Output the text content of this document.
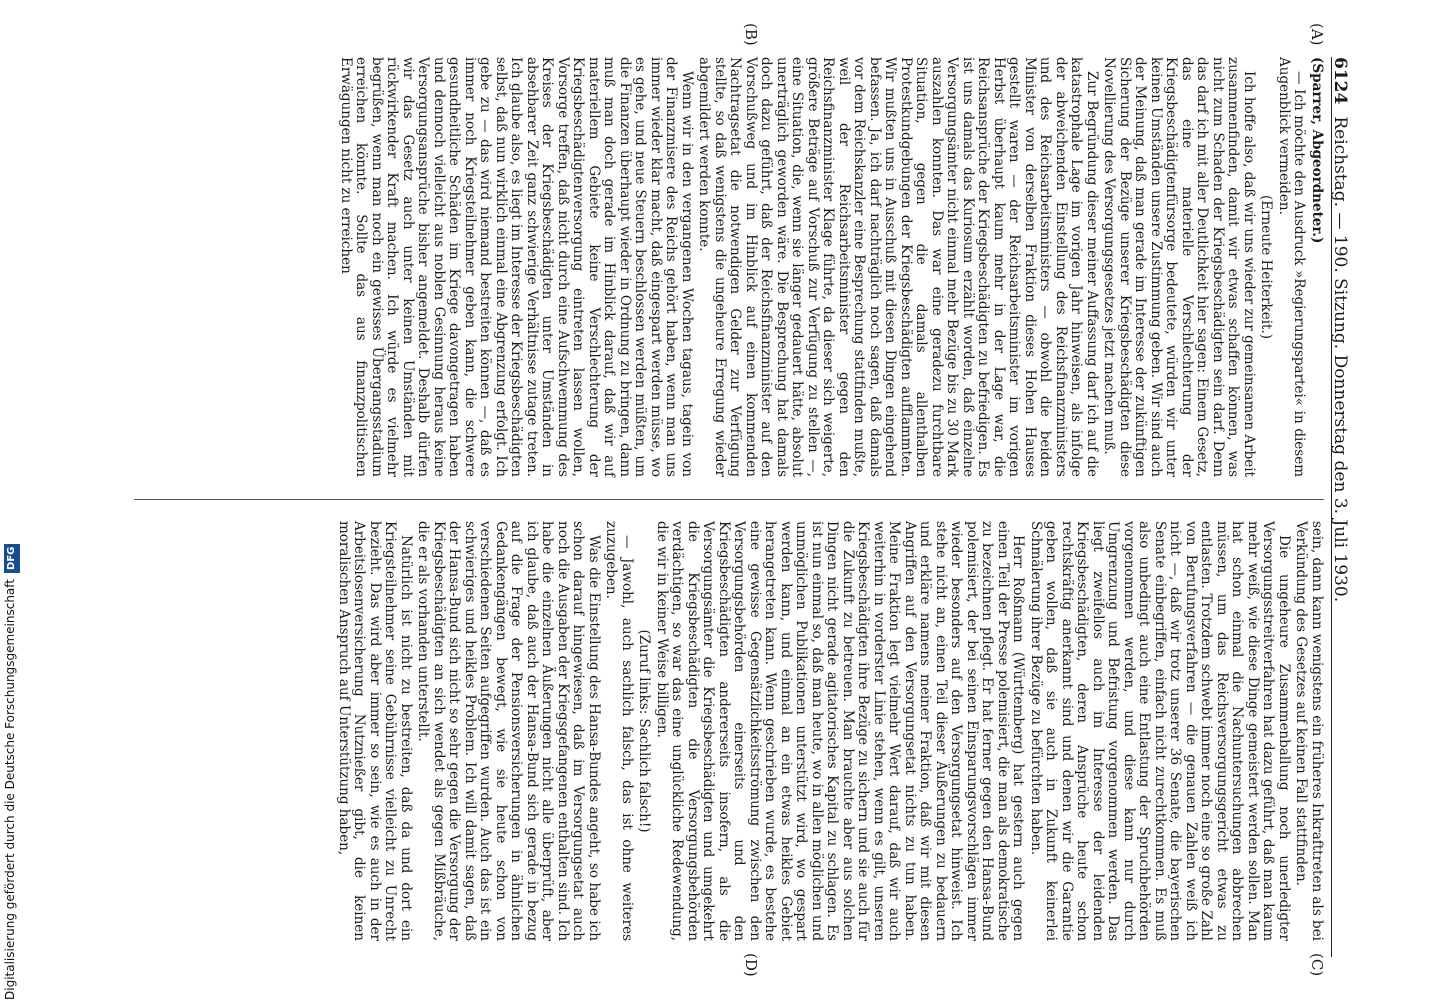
6124
Reichstag. — 190. Sitzung. Donnerstag den 3. Juli 1930.

(Sparrer, Abgeordneter.)

— Ich möchte den Ausdruck »Regierungspartei« in diesem Augenblick vermeiden.

(Erneute Heiterkeit.)

Ich hoffe also, daß wir uns wieder zur gemeinsamen Arbeit zusammenfinden, damit wir etwas schaffen können, was nicht zum Schaden der Kriegsbeschädigten sein darf. Denn das darf ich mit aller Deutlichkeit hier sagen: Einem Gesetz, das eine materielle Verschlechterung der Kriegsbeschädigtenfürsorge bedeutete, würden wir unter keinen Umständen unsere Zustimmung geben. Wir sind auch der Meinung, daß man gerade im Interesse der zukünftigen Sicherung der Bezüge unserer Kriegsbeschädigten diese Novellierung des Versorgungsgesetzes jetzt machen muß.

Zur Begründung dieser meiner Auffassung darf ich auf die katastrophale Lage im vorigen Jahr hinweisen, als infolge der abweichenden Einstellung des Reichsfinanzministers und des Reichsarbeitsministers — obwohl die beiden Minister von derselben Fraktion dieses Hohen Hauses gestellt waren — der Reichsarbeitsminister im vorigen Herbst überhaupt kaum mehr in der Lage war, die Reichsansprüche der Kriegsbeschädigten zu befriedigen. Es ist uns damals das Kuriosum erzählt worden, daß einzelne Versorgungsämter nicht einmal mehr Bezüge bis zu 30 Mark auszahlen konnten. Das war eine geradezu furchtbare Situation, gegen die damals allenthalben Protestkundgebungen der Kriegsbeschädigten aufflammten. Wir mußten uns in Ausschuß mit diesen Dingen eingehend befassen. Ja, ich darf nachträglich noch sagen, daß damals vor dem Reichskanzler eine Besprechung stattfinden mußte, weil der Reichsarbeitsminister gegen den Reichsfinanzminister Klage führte, da dieser sich weigerte, größere Beträge auf Vorschuß zur Verfügung zu stellen —, eine Situation, die, wenn sie länger gedauert hätte, absolut unerträglich geworden wäre. Die Besprechung hat damals doch dazu geführt, daß der Reichsfinanzminister auf den Vorschußweg und im Hinblick auf einen kommenden Nachtragsetat die notwendigen Gelder zur Verfügung stellte, so daß wenigstens die ungeheure Erregung wieder abgemildert werden konnte.

Wenn wir in den vergangenen Wochen tagaus, tagein von der Finanzmisere des Reichs gehört haben, wenn man uns immer wieder klar macht, daß eingespart werden müsse, wo es gehe, und neue Steuern beschlossen werden müßten, um die Finanzen überhaupt wieder in Ordnung zu bringen, dann muß man doch gerade im Hinblick darauf, daß wir auf materiellem Gebiete keine Verschlechterung der Kriegsbeschädigtenversorgung eintreten lassen wollen, Vorsorge treffen, daß nicht durch eine Aufschwemmung des Kreises der Kriegsbeschädigten unter Umständen in absehbarer Zeit ganz schwierige Verhältnisse zutage treten. Ich glaube also, es liegt im Interesse der Kriegsbeschädigten selbst, daß nun wirklich einmal eine Abgrenzung erfolgt. Ich gebe zu — das wird niemand bestreiten können —, daß es immer noch Kriegsteilnehmer geben kann, die schwere gesundheitliche Schäden im Kriege davongetragen haben und dennoch vielleicht aus noblen Gesinnung heraus keine Versorgungsansprüche bisher angemeldet. Deshalb dürfen wir das Gesetz auch unter keinen Umständen mit rückwirkender Kraft machen. Ich würde es vielmehr begrüßen, wenn man noch ein gewisses Übergangsstadium erreichen könnte. Sollte das aus finanzpolitischen Erwägungen nicht zu erreichen

sein, dann kann wenigstens ein früheres Inkrafttreten als bei Verkündung des Gesetzes auf keinen Fall stattfinden.

Die ungeheure Zusammenballung noch unerledigter Versorgungsstreitverfahren hat dazu geführt, daß man kaum mehr weiß, wie diese Dinge gemeistert werden sollen. Man hat schon einmal die Nachuntersuchungen abbrechen müssen, um das Reichsversorgungsgericht etwas zu entlasten. Trotzdem schwebt immer noch eine so große Zahl von Berufungsverfahren — die genauen Zahlen weiß ich nicht —, daß wir trotz unserer 36 Senate, die bayerischen Senate einbegriffen, einfach nicht zurechtkommen. Es muß also unbedingt auch eine Entlastung der Spruchbehörden vorgenommen werden, und diese kann nur durch Umgrenzung und Befristung vorgenommen werden. Das liegt zweifellos auch im Interesse der leidenden Kriegsbeschädigten, deren Ansprüche heute schon rechtskräftig anerkannt sind und denen wir die Garantie geben wollen, daß sie auch in Zukunft keinerlei Schmälerung ihrer Bezüge zu befürchten haben.

Herr Roßmann (Württemberg) hat gestern auch gegen einen Teil der Presse polemisiert, die man als demokratische zu bezeichnen pflegt. Er hat ferner gegen den Hansa-Bund polemisiert, der bei seinen Einsparungsvorschlägen immer wieder besonders auf den Versorgungsetat hinweist. Ich stehe nicht an, einen Teil dieser Äußerungen zu bedauern und erkläre namens meiner Fraktion, daß wir mit diesen Angriffen auf den Versorgungsetat nichts zu tun haben. Meine Fraktion legt vielmehr Wert darauf, daß wir auch weiterhin in vorderster Linie stehen, wenn es gilt, unseren Kriegsbeschädigten ihre Bezüge zu sichern und sie auch für die Zukunft zu betreuen. Man brauchte aber aus solchen Dingen nicht gerade agitatorisches Kapital zu schlagen. Es ist nun einmal so, daß man heute, wo in allen möglichen und unmöglichen Publikationen unterstützt wird, wo gespart werden kann, und einmal an ein etwas heikles Gebiet herangetreten kann. Wenn geschrieben wurde, es bestehe eine gewisse Gegensätzlichkeitsströmung zwischen den Versorgungsbehörden einerseits und den Kriegsbeschädigten andererseits insofern, als die Versorgungsämter die Kriegsbeschädigten und umgekehrt die Kriegsbeschädigten die Versorgungsbehörden verdächtigen, so war das eine unglückliche Redewendung, die wir in keiner Weise billigen.

(Zuruf links: Sachlich falsch!)

— Jawohl, auch sachlich falsch, das ist ohne weiteres zuzugeben.

Was die Einstellung des Hansa-Bundes angeht, so habe ich schon darauf hingewiesen, daß im Versorgungsetat auch noch die Ausgaben der Kriegsgefangenen enthalten sind. Ich habe die einzelnen Äußerungen nicht alle überprüft, aber ich glaube, daß auch der Hansa-Bund sich gerade in bezug auf die Frage der Pensionsversicherungen in ähnlichen Gedankengängen bewegt, wie sie heute schon von verschiedenen Seiten aufgegriffen wurden. Auch das ist ein schwieriges und heikles Problem. Ich will damit sagen, daß der Hansa-Bund sich nicht so sehr gegen die Versorgung der Kriegsbeschädigten an sich wendet als gegen Mißbräuche, die er als vorhanden unterstellt.

Natürlich ist nicht zu bestreiten, daß da und dort ein Kriegsteilnehmer seine Gebührnisse vielleicht zu Unrecht bezieht. Das wird aber immer so sein, wie es auch in der Arbeitslosenversicherung Nutznießer gibt, die keinen moralischen Anspruch auf Unterstützung haben,

(A)
(B)
(C)
(D)
Digitalisierung gefördert durch die Deutsche ForschungsgemeinschaftDFG
